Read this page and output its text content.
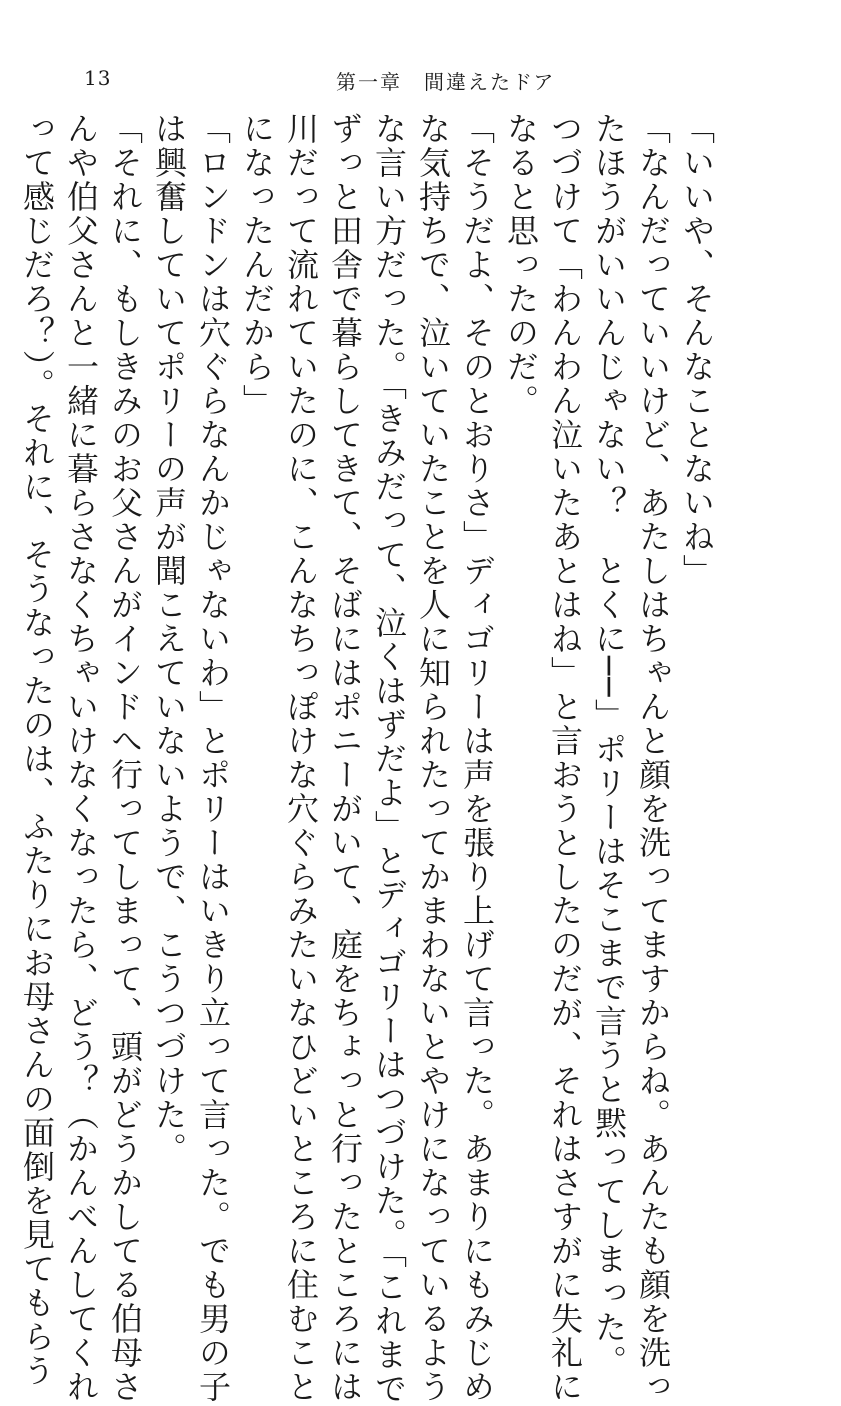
13	第一章　間違えたドア
「いいや、そんなことないね」
「なんだっていいけど、あたしはちゃんと顔を洗ってますからね。あんたも顔を洗っ
たほうがいいんじゃない？　とくに──」ポリーはそこまで言うと黙ってしまった。
つづけて「わんわん泣いたあとはね」と言おうとしたのだが、それはさすがに失礼に
なると思ったのだ。
「そうだよ、そのとおりさ」ディゴリーは声を張り上げて言った。あまりにもみじめ
な気持ちで、泣いていたことを人に知られたってかまわないとやけになっているよう
な言い方だった。「きみだって、泣くはずだよ」とディゴリーはつづけた。「これまで
ずっと田舎で暮らしてきて、そばにはポニーがいて、庭をちょっと行ったところには
川だって流れていたのに、こんなちっぽけな穴ぐらみたいなひどいところに住むこと
になったんだから」
「ロンドンは穴ぐらなんかじゃないわ」とポリーはいきり立って言った。でも男の子
は興奮していてポリーの声が聞こえていないようで、こうつづけた。
「それに、もしきみのお父さんがインドへ行ってしまって、頭がどうかしてる伯母さ
んや伯父さんと一緒に暮らさなくちゃいけなくなったら、どう？（かんべんしてくれ
って感じだろ？）。それに、そうなったのは、ふたりにお母さんの面倒を見てもらう
